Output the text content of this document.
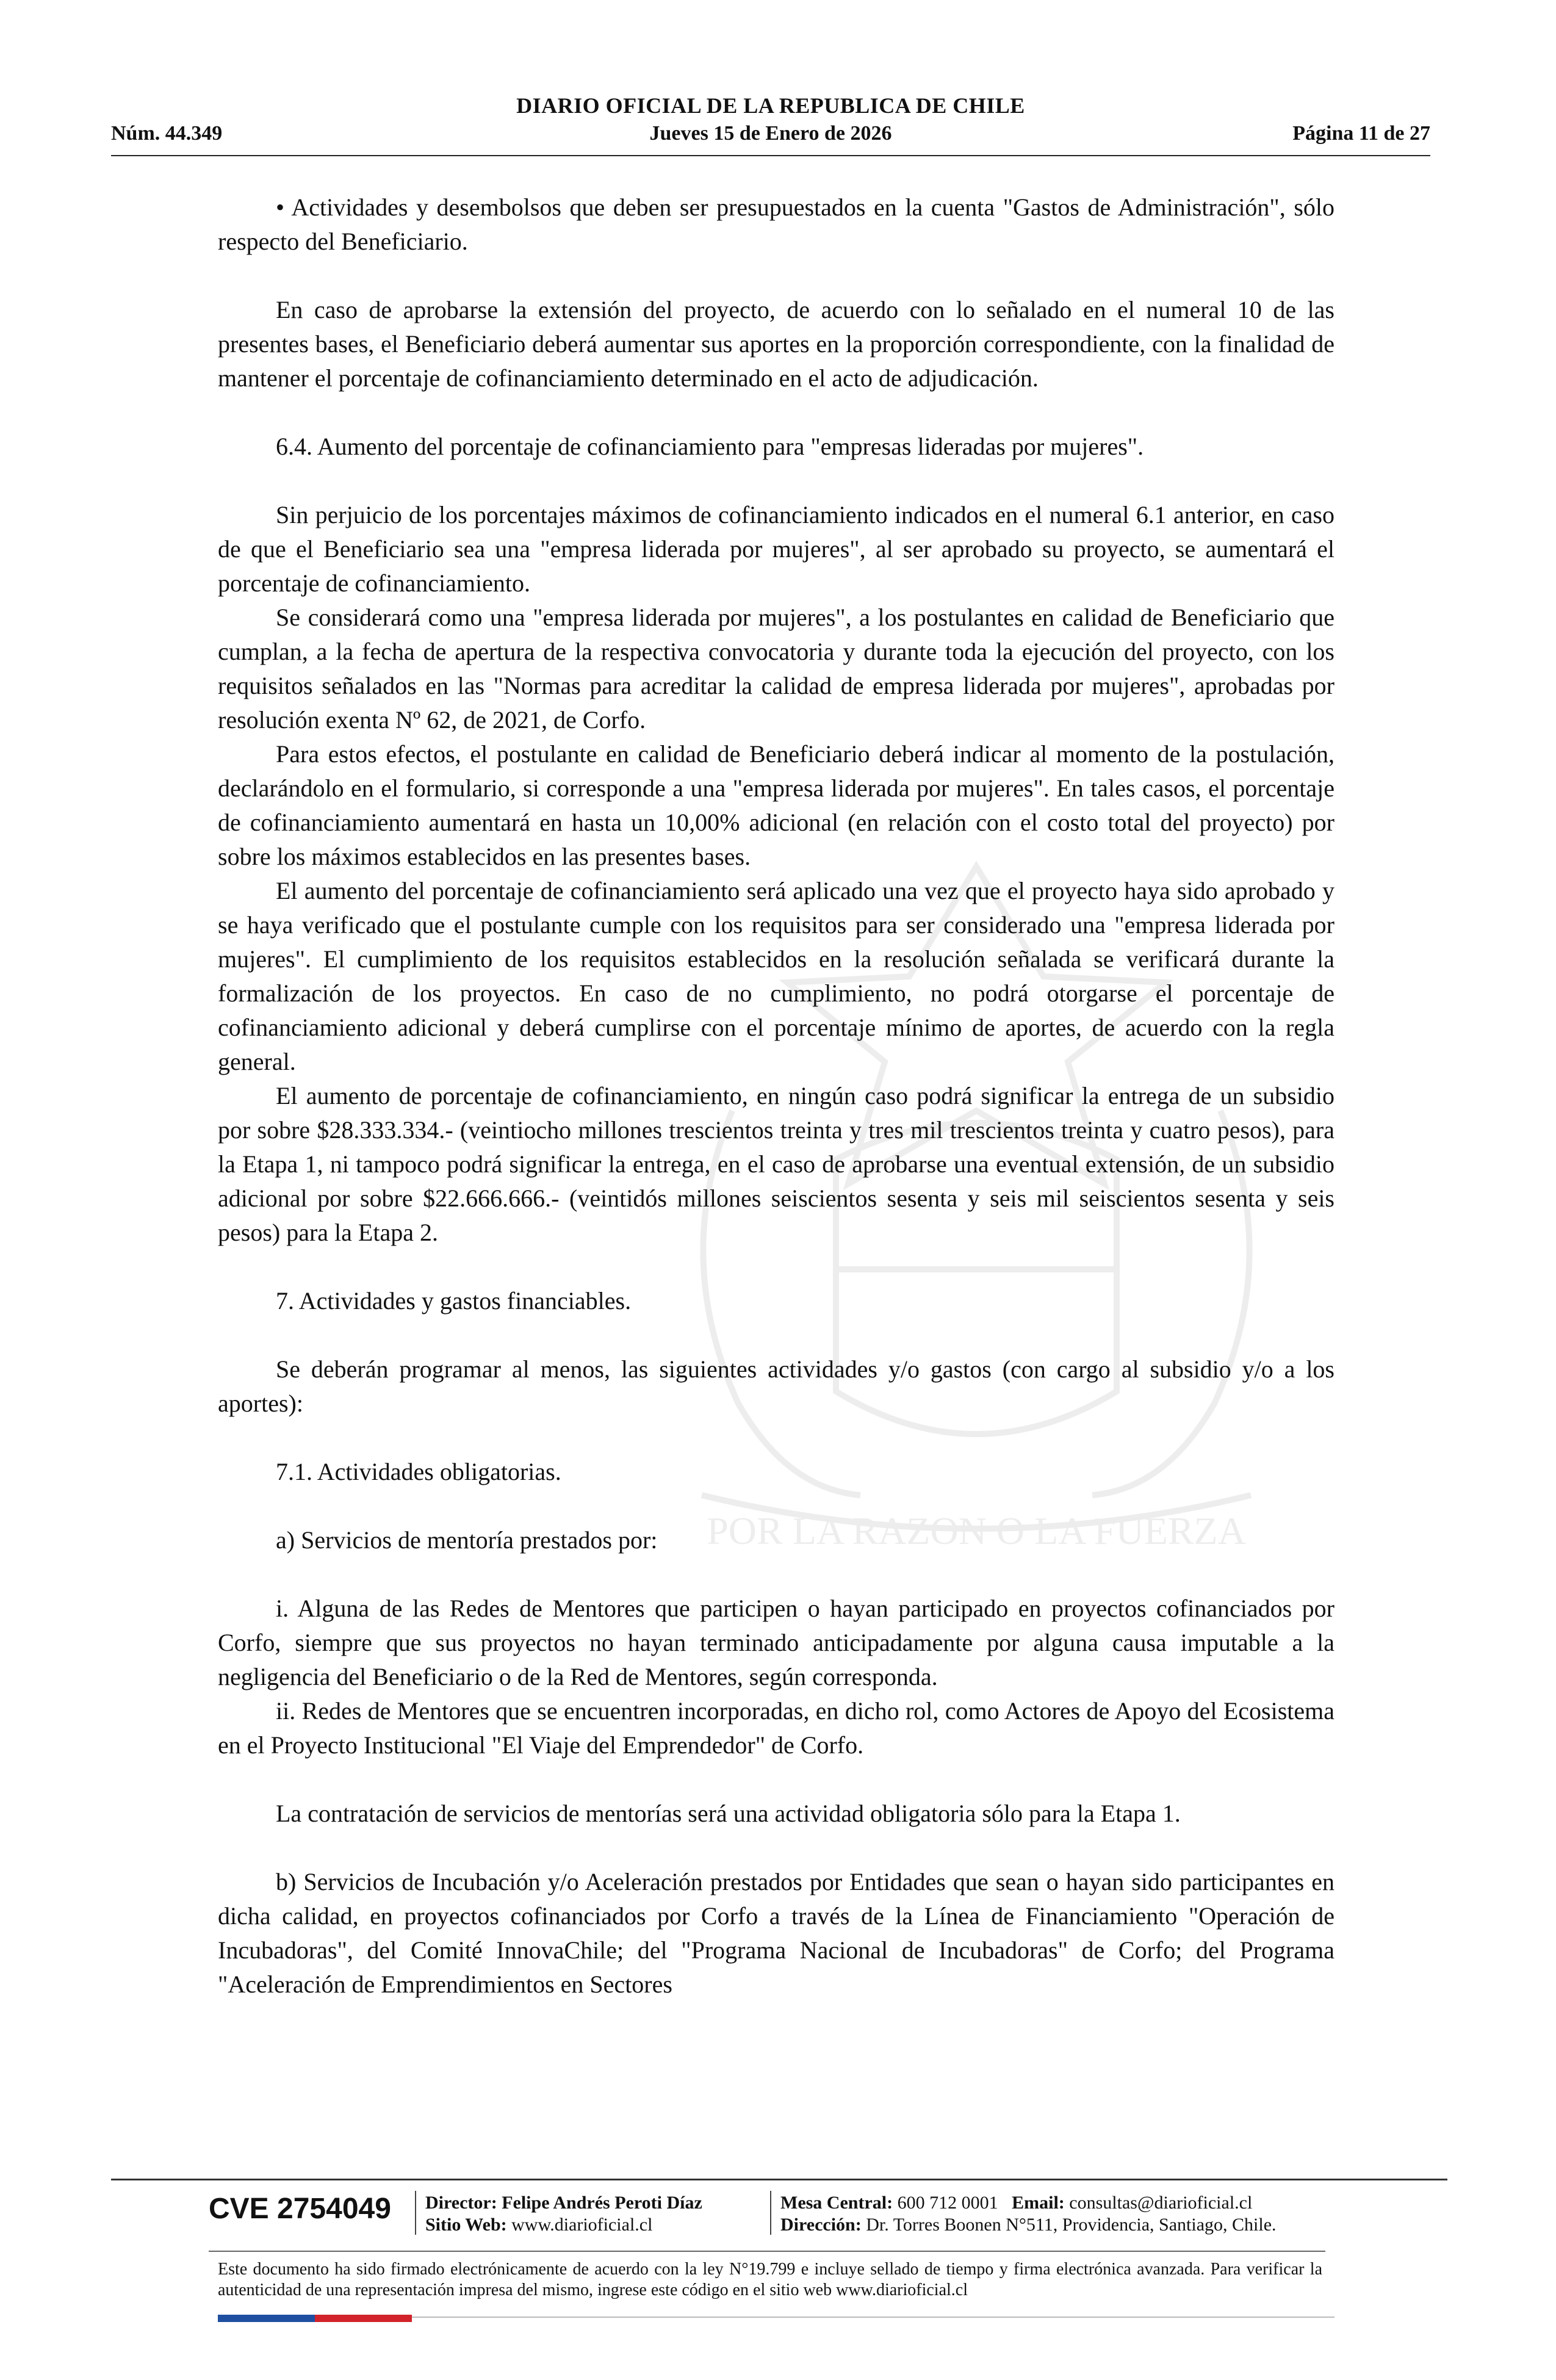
POR LA RAZON O LA FUERZA
DIARIO OFICIAL DE LA REPUBLICA DE CHILE
Núm. 44.349	Jueves 15 de Enero de 2026	Página 11 de 27

• Actividades y desembolsos que deben ser presupuestados en la cuenta "Gastos de Administración", sólo respecto del Beneficiario.

En caso de aprobarse la extensión del proyecto, de acuerdo con lo señalado en el numeral 10 de las presentes bases, el Beneficiario deberá aumentar sus aportes en la proporción correspondiente, con la finalidad de mantener el porcentaje de cofinanciamiento determinado en el acto de adjudicación.

6.4. Aumento del porcentaje de cofinanciamiento para "empresas lideradas por mujeres".

Sin perjuicio de los porcentajes máximos de cofinanciamiento indicados en el numeral 6.1 anterior, en caso de que el Beneficiario sea una "empresa liderada por mujeres", al ser aprobado su proyecto, se aumentará el porcentaje de cofinanciamiento.

Se considerará como una "empresa liderada por mujeres", a los postulantes en calidad de Beneficiario que cumplan, a la fecha de apertura de la respectiva convocatoria y durante toda la ejecución del proyecto, con los requisitos señalados en las "Normas para acreditar la calidad de empresa liderada por mujeres", aprobadas por resolución exenta Nº 62, de 2021, de Corfo.

Para estos efectos, el postulante en calidad de Beneficiario deberá indicar al momento de la postulación, declarándolo en el formulario, si corresponde a una "empresa liderada por mujeres". En tales casos, el porcentaje de cofinanciamiento aumentará en hasta un 10,00% adicional (en relación con el costo total del proyecto) por sobre los máximos establecidos en las presentes bases.

El aumento del porcentaje de cofinanciamiento será aplicado una vez que el proyecto haya sido aprobado y se haya verificado que el postulante cumple con los requisitos para ser considerado una "empresa liderada por mujeres". El cumplimiento de los requisitos establecidos en la resolución señalada se verificará durante la formalización de los proyectos. En caso de no cumplimiento, no podrá otorgarse el porcentaje de cofinanciamiento adicional y deberá cumplirse con el porcentaje mínimo de aportes, de acuerdo con la regla general.

El aumento de porcentaje de cofinanciamiento, en ningún caso podrá significar la entrega de un subsidio por sobre $28.333.334.- (veintiocho millones trescientos treinta y tres mil trescientos treinta y cuatro pesos), para la Etapa 1, ni tampoco podrá significar la entrega, en el caso de aprobarse una eventual extensión, de un subsidio adicional por sobre $22.666.666.- (veintidós millones seiscientos sesenta y seis mil seiscientos sesenta y seis pesos) para la Etapa 2.

7. Actividades y gastos financiables.

Se deberán programar al menos, las siguientes actividades y/o gastos (con cargo al subsidio y/o a los aportes):

7.1. Actividades obligatorias.

a) Servicios de mentoría prestados por:

i. Alguna de las Redes de Mentores que participen o hayan participado en proyectos cofinanciados por Corfo, siempre que sus proyectos no hayan terminado anticipadamente por alguna causa imputable a la negligencia del Beneficiario o de la Red de Mentores, según corresponda.

ii. Redes de Mentores que se encuentren incorporadas, en dicho rol, como Actores de Apoyo del Ecosistema en el Proyecto Institucional "El Viaje del Emprendedor" de Corfo.

La contratación de servicios de mentorías será una actividad obligatoria sólo para la Etapa 1.

b) Servicios de Incubación y/o Aceleración prestados por Entidades que sean o hayan sido participantes en dicha calidad, en proyectos cofinanciados por Corfo a través de la Línea de Financiamiento "Operación de Incubadoras", del Comité InnovaChile; del "Programa Nacional de Incubadoras" de Corfo; del Programa "Aceleración de Emprendimientos en Sectores

CVE 2754049 Director: Felipe Andrés Peroti Díaz
Sitio Web: www.diarioficial.cl
Mesa Central: 600 712 0001 Email: consultas@diarioficial.cl
Dirección: Dr. Torres Boonen N°511, Providencia, Santiago, Chile.
Este documento ha sido firmado electrónicamente de acuerdo con la ley N°19.799 e incluye sellado de tiempo y firma electrónica avanzada. Para verificar la autenticidad de una representación impresa del mismo, ingrese este código en el sitio web www.diarioficial.cl
